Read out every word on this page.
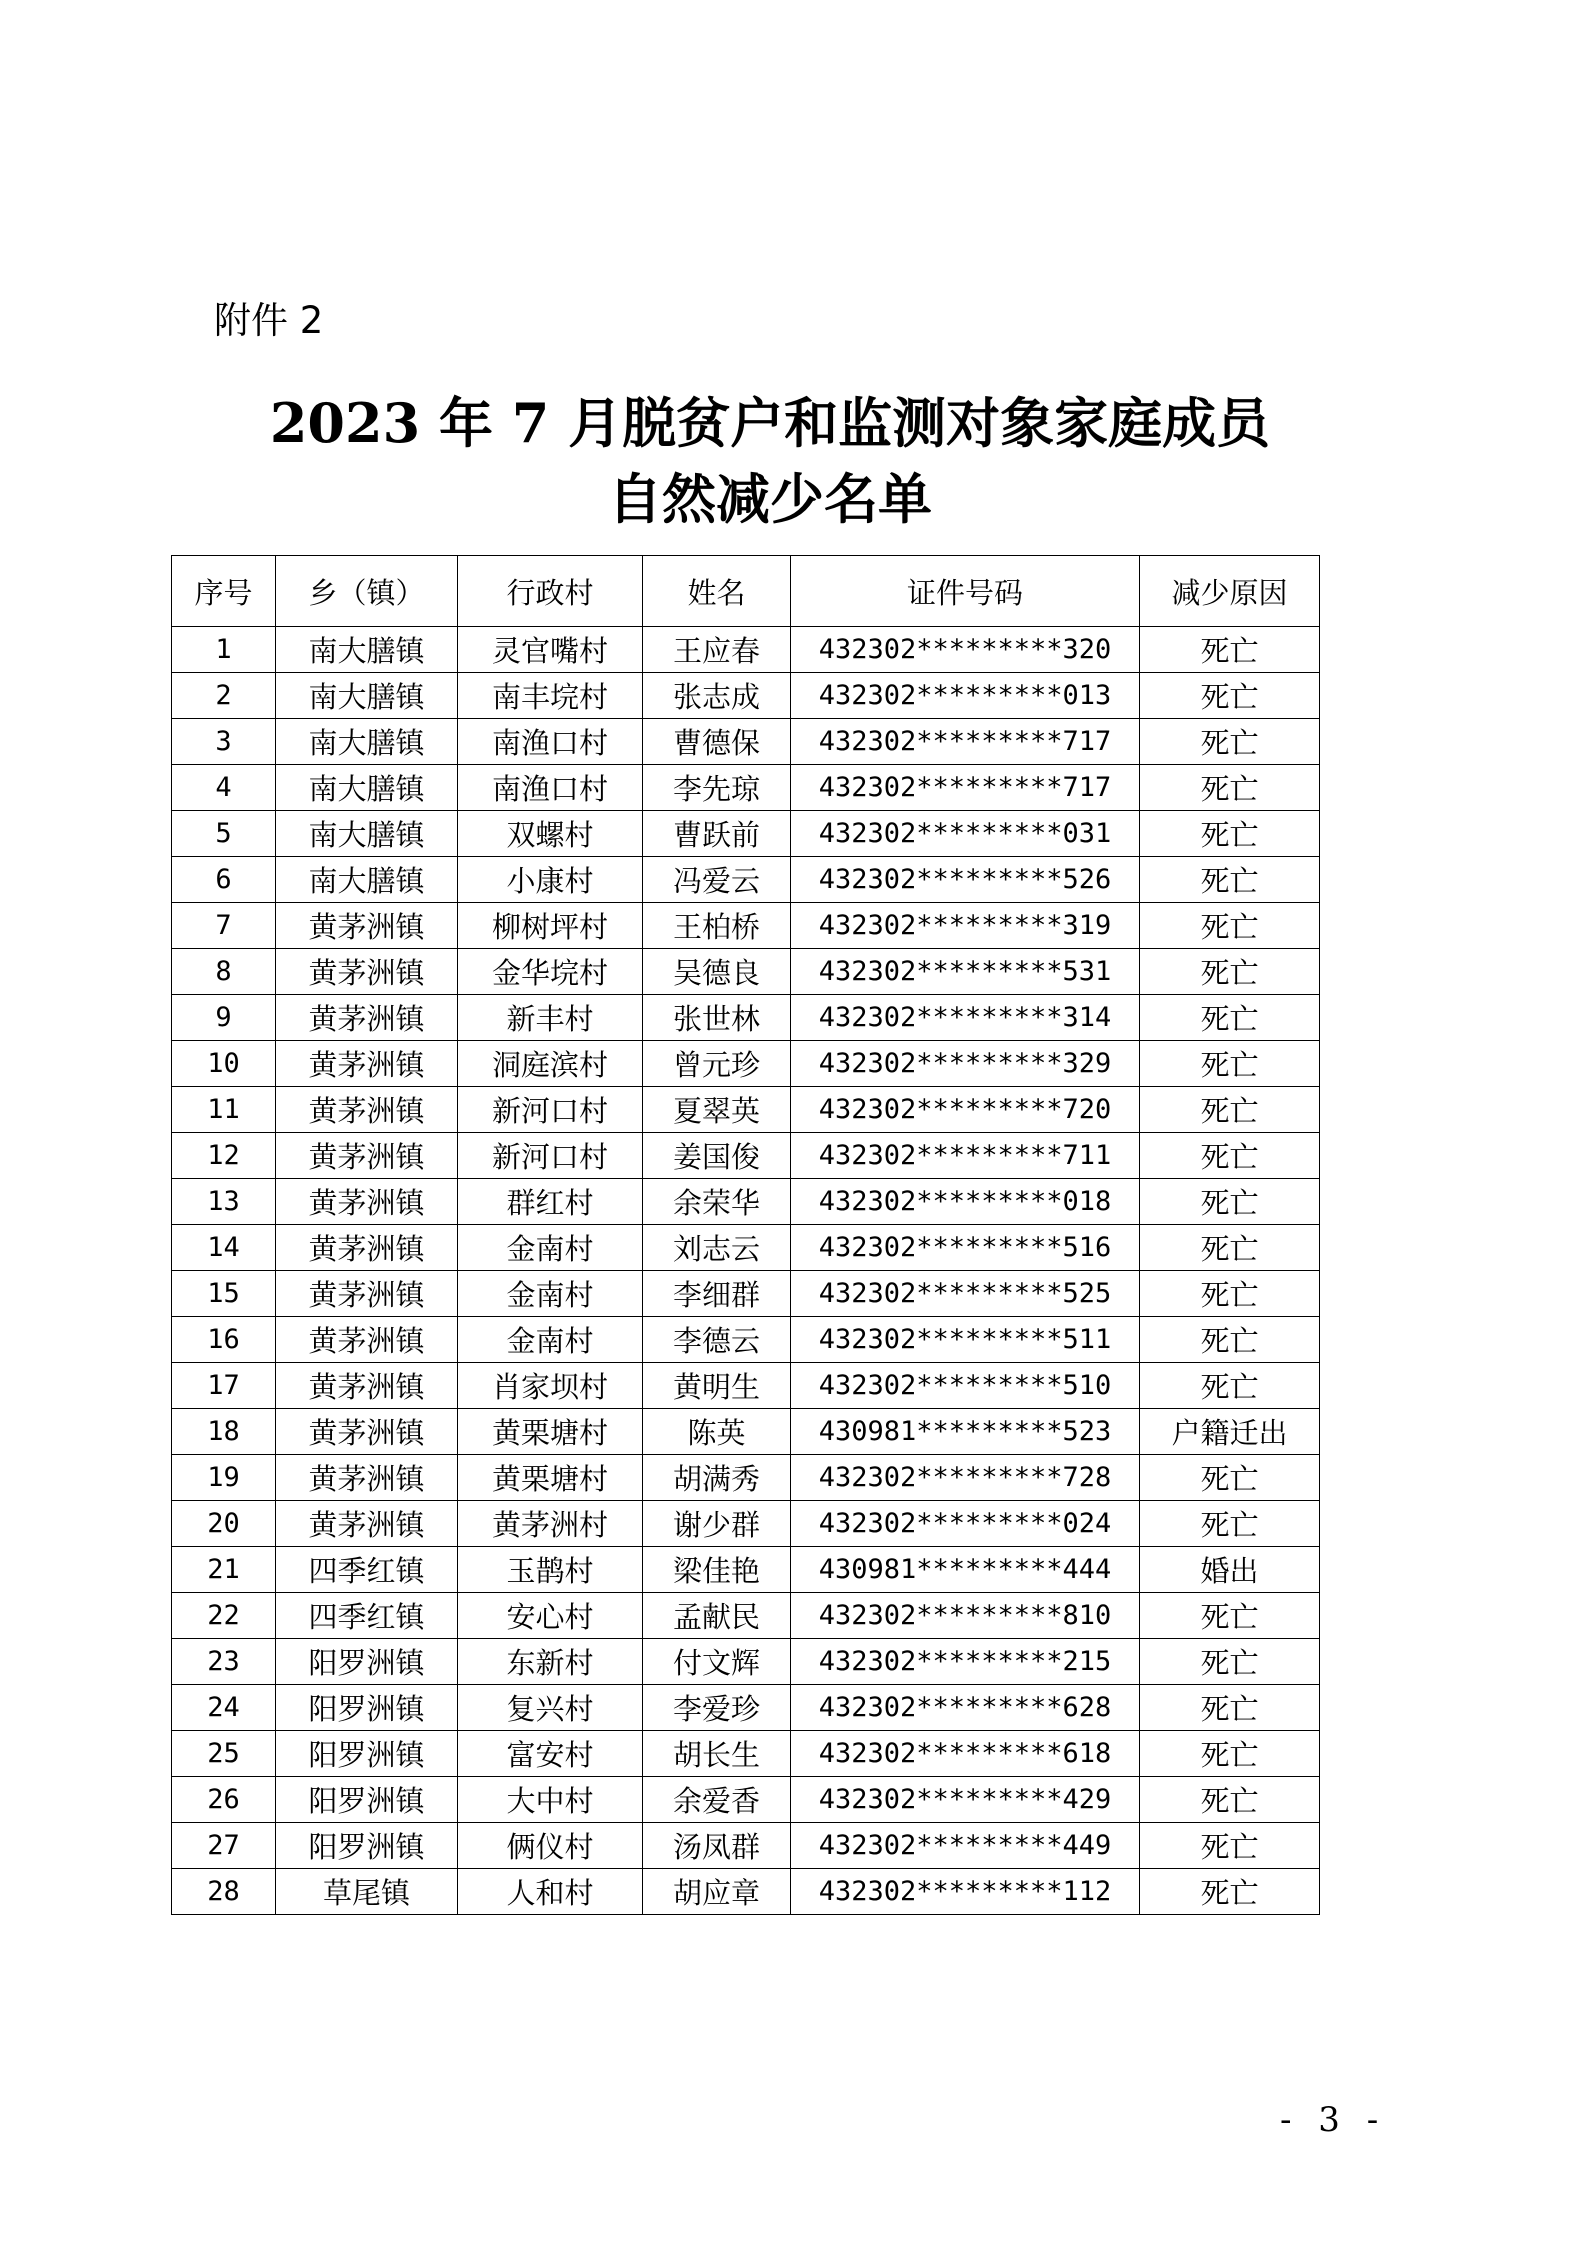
附件 2

2023 年 7 月脱贫户和监测对象家庭成员
自然减少名单
序号	乡（镇）	行政村	姓名	证件号码	减少原因
1	南大膳镇	灵官嘴村	王应春	432302*********320	死亡
2	南大膳镇	南丰垸村	张志成	432302*********013	死亡
3	南大膳镇	南渔口村	曹德保	432302*********717	死亡
4	南大膳镇	南渔口村	李先琼	432302*********717	死亡
5	南大膳镇	双螺村	曹跃前	432302*********031	死亡
6	南大膳镇	小康村	冯爱云	432302*********526	死亡
7	黄茅洲镇	柳树坪村	王柏桥	432302*********319	死亡
8	黄茅洲镇	金华垸村	吴德良	432302*********531	死亡
9	黄茅洲镇	新丰村	张世林	432302*********314	死亡
10	黄茅洲镇	洞庭滨村	曾元珍	432302*********329	死亡
11	黄茅洲镇	新河口村	夏翠英	432302*********720	死亡
12	黄茅洲镇	新河口村	姜国俊	432302*********711	死亡
13	黄茅洲镇	群红村	余荣华	432302*********018	死亡
14	黄茅洲镇	金南村	刘志云	432302*********516	死亡
15	黄茅洲镇	金南村	李细群	432302*********525	死亡
16	黄茅洲镇	金南村	李德云	432302*********511	死亡
17	黄茅洲镇	肖家坝村	黄明生	432302*********510	死亡
18	黄茅洲镇	黄栗塘村	陈英	430981*********523	户籍迁出
19	黄茅洲镇	黄栗塘村	胡满秀	432302*********728	死亡
20	黄茅洲镇	黄茅洲村	谢少群	432302*********024	死亡
21	四季红镇	玉鹊村	梁佳艳	430981*********444	婚出
22	四季红镇	安心村	孟献民	432302*********810	死亡
23	阳罗洲镇	东新村	付文辉	432302*********215	死亡
24	阳罗洲镇	复兴村	李爱珍	432302*********628	死亡
25	阳罗洲镇	富安村	胡长生	432302*********618	死亡
26	阳罗洲镇	大中村	余爱香	432302*********429	死亡
27	阳罗洲镇	俩仪村	汤凤群	432302*********449	死亡
28	草尾镇	人和村	胡应章	432302*********112	死亡

- 3 -
